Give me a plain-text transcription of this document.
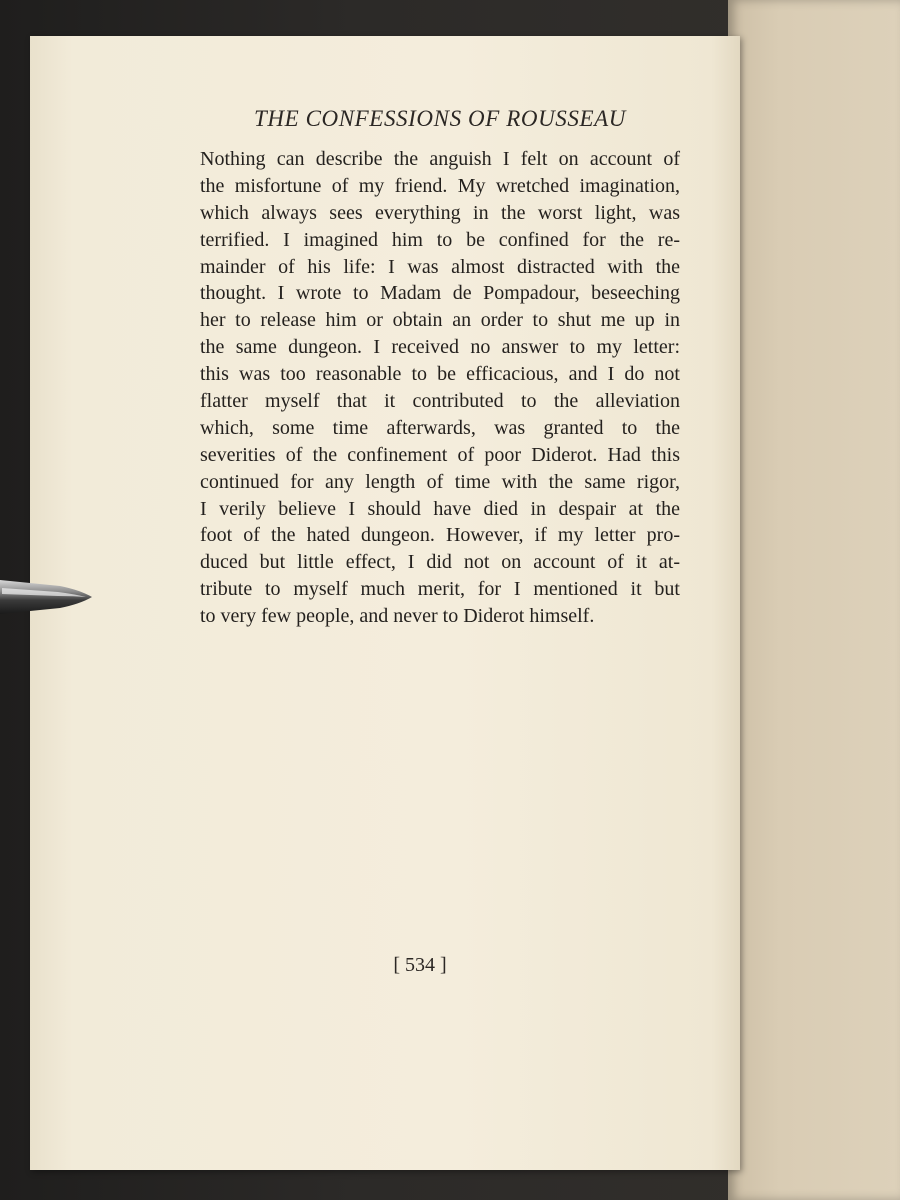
THE CONFESSIONS OF ROUSSEAU
Nothing can describe the anguish I felt on account of
the misfortune of my friend. My wretched imagination,
which always sees everything in the worst light, was
terrified. I imagined him to be confined for the re-
mainder of his life: I was almost distracted with the
thought. I wrote to Madam de Pompadour, beseeching
her to release him or obtain an order to shut me up in
the same dungeon. I received no answer to my letter:
this was too reasonable to be efficacious, and I do not
flatter myself that it contributed to the alleviation
which, some time afterwards, was granted to the
severities of the confinement of poor Diderot. Had this
continued for any length of time with the same rigor,
I verily believe I should have died in despair at the
foot of the hated dungeon. However, if my letter pro-
duced but little effect, I did not on account of it at-
tribute to myself much merit, for I mentioned it but
to very few people, and never to Diderot himself.
[ 534 ]
